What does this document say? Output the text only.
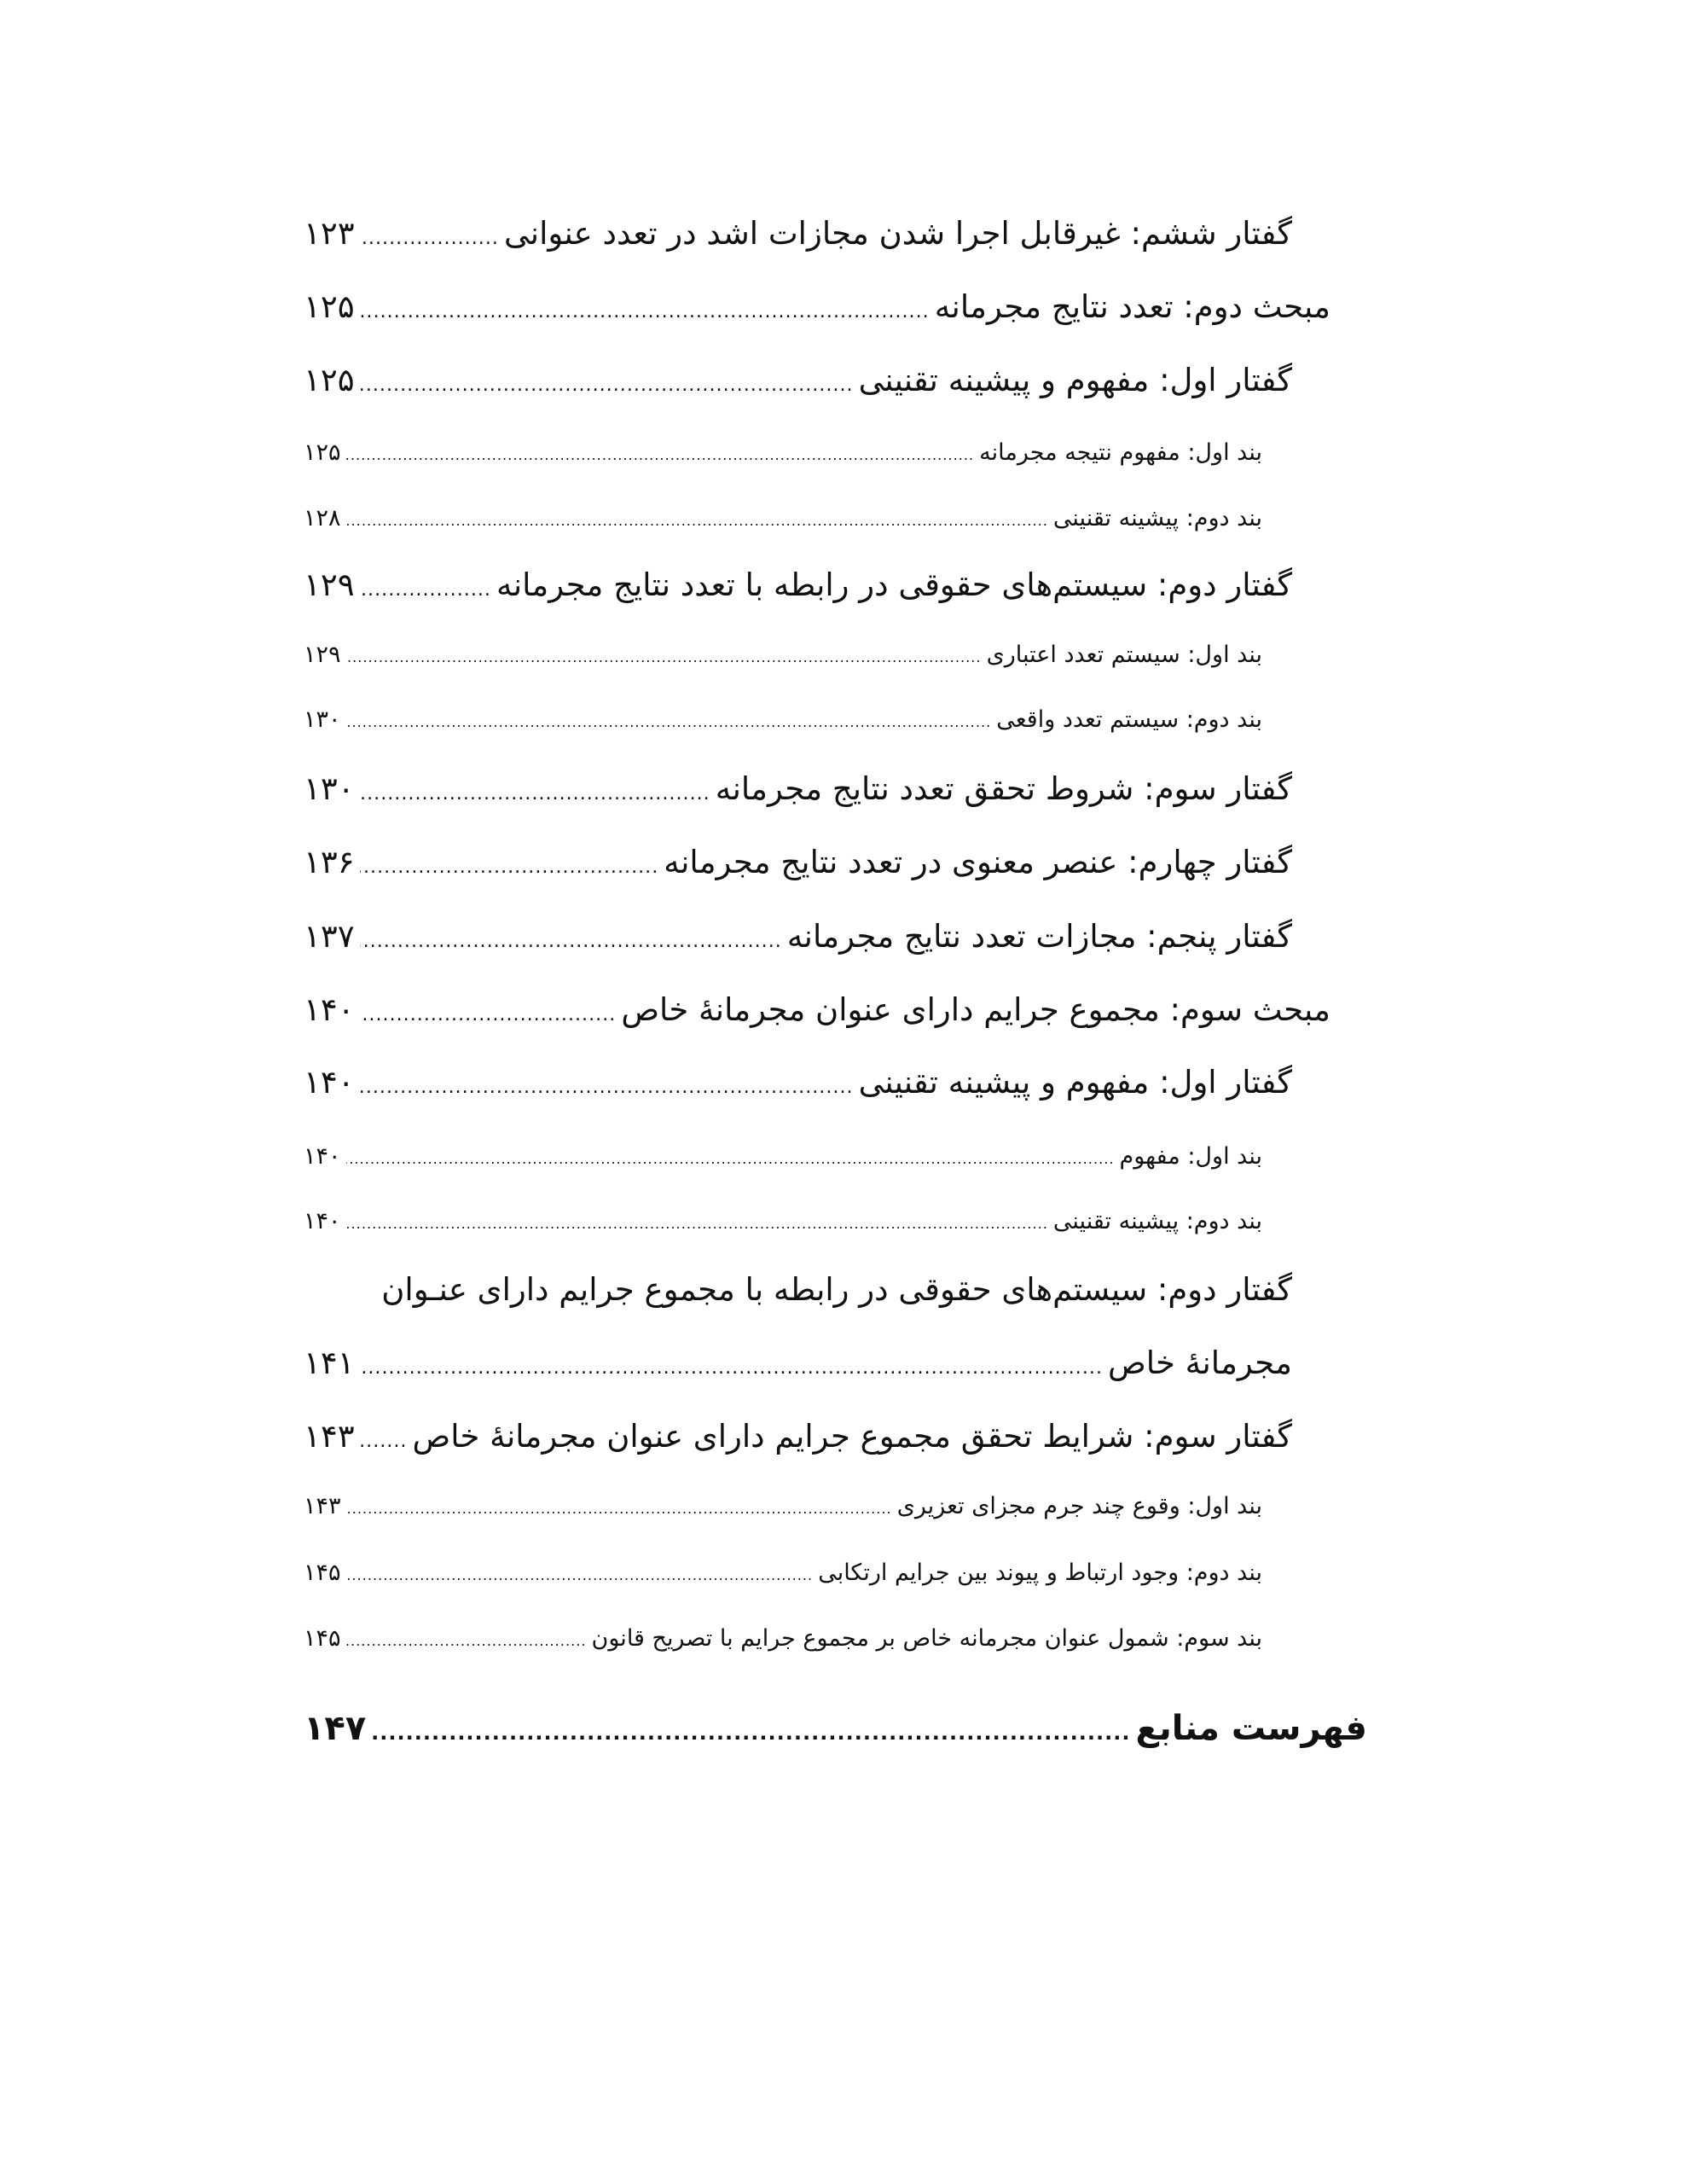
گفتار ششم: غیرقابل اجرا شدن مجازات اشد در تعدد عنوانی
.....
۱۲۳
مبحث دوم: تعدد نتایج مجرمانه
.....
۱۲۵
گفتار اول: مفهوم و پیشینه تقنینی
.....
۱۲۵
بند اول: مفهوم نتیجه مجرمانه
.....
۱۲۵
بند دوم: پیشینه تقنینی
.....
۱۲۸
گفتار دوم: سیستم‌های حقوقی در رابطه با تعدد نتایج مجرمانه
.....
۱۲۹
بند اول: سیستم تعدد اعتباری
.....
۱۲۹
بند دوم: سیستم تعدد واقعی
.....
۱۳۰
گفتار سوم: شروط تحقق تعدد نتایج مجرمانه
.....
۱۳۰
گفتار چهارم: عنصر معنوی در تعدد نتایج مجرمانه
.....
۱۳۶
گفتار پنجم: مجازات تعدد نتایج مجرمانه
.....
۱۳۷
مبحث سوم: مجموع جرایم دارای عنوان مجرمانۀ خاص
.....
۱۴۰
گفتار اول: مفهوم و پیشینه تقنینی
.....
۱۴۰
بند اول: مفهوم
.....
۱۴۰
بند دوم: پیشینه تقنینی
.....
۱۴۰
گفتار دوم: سیستم‌های حقوقی در رابطه با مجموع جرایم دارای عنـوان
مجرمانۀ خاص
.....
۱۴۱
گفتار سوم: شرایط تحقق مجموع جرایم دارای عنوان مجرمانۀ خاص
.....
۱۴۳
بند اول: وقوع چند جرم مجزای تعزیری
.....
۱۴۳
بند دوم: وجود ارتباط و پیوند بین جرایم ارتکابی
.....
۱۴۵
بند سوم: شمول عنوان مجرمانه خاص بر مجموع جرایم با تصریح قانون
.....
۱۴۵
فهرست منابع
.....
۱۴۷
